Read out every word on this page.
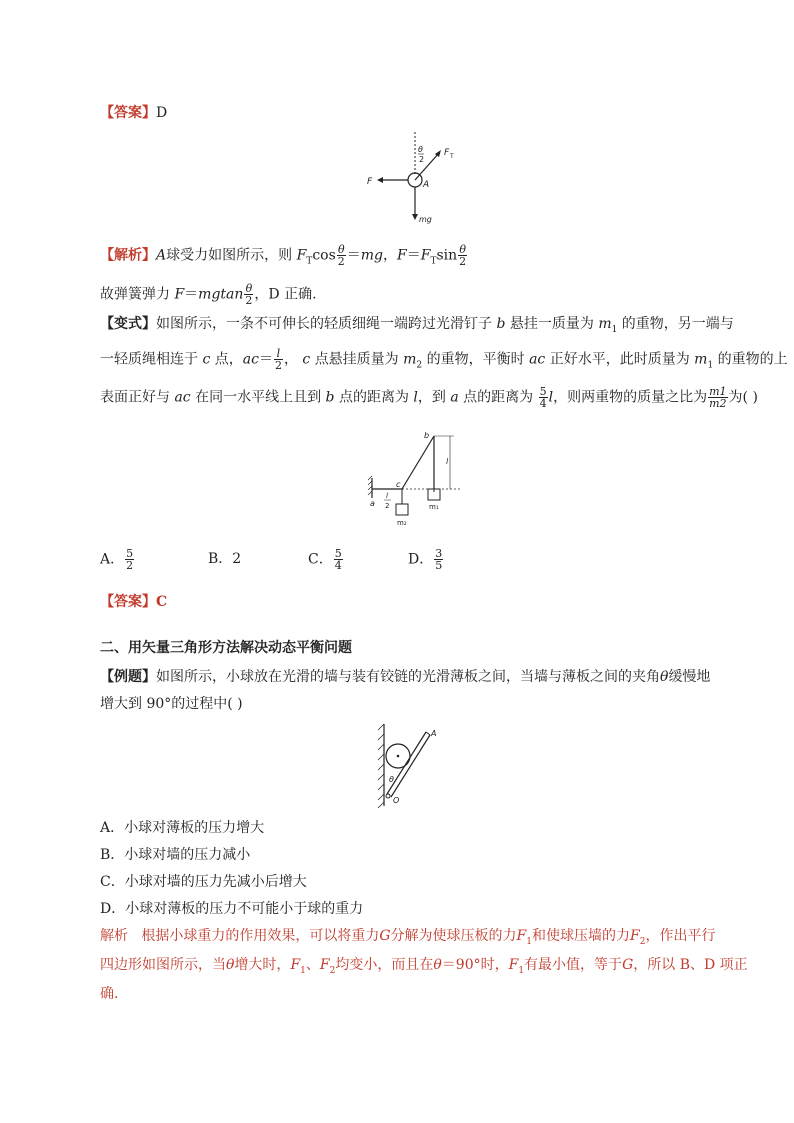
【答案】D
θ
2
F T
F	A
mg
【解析】A球受力如图所示，则 $F_T\cos \frac{\theta}{2} =mg$，$F=F_T\sin \frac{\theta}{2}$
故弹簧弹力 $F=mgtan \frac{\theta}{2}$ ，D 正确.
【变式】如图所示，一条不可伸长的轻质细绳一端跨过光滑钉子 b 悬挂一质量为 $m_1$ 的重物，另一端与
一轻质绳相连于 c 点，$ac= \frac{l}{2}$ ， c 点悬挂质量为 $m_2$ 的重物，平衡时 ac 正好水平，此时质量为 $m_1$ 的重物的上
表面正好与 ac 在同一水平线上且到 b 点的距离为 l，到 a 点的距离为 $\frac{5}{4}$ l，则两重物的质量之比为 $\frac{m1}{m2}$ 为( )
b
l
c
a
l
2
m₂
m₁
A． $\frac{5}{2}$	B．2	C． $\frac{5}{4}$	D． $\frac{3}{5}$
【答案】C
二、用矢量三角形方法解决动态平衡问题
【例题】如图所示，小球放在光滑的墙与装有铰链的光滑薄板之间，当墙与薄板之间的夹角θ缓慢地
增大到 90°的过程中( )
A
θ
O
A．小球对薄板的压力增大
B．小球对墙的压力减小
C．小球对墙的压力先减小后增大
D．小球对薄板的压力不可能小于球的重力
解析 根据小球重力的作用效果，可以将重力G分解为使球压板的力$F_1$和使球压墙的力$F_2$，作出平行
四边形如图所示，当θ增大时，$F_1$、$F_2$均变小，而且在θ＝90°时，$F_1$有最小值，等于G，所以 B、D 项正
确.
